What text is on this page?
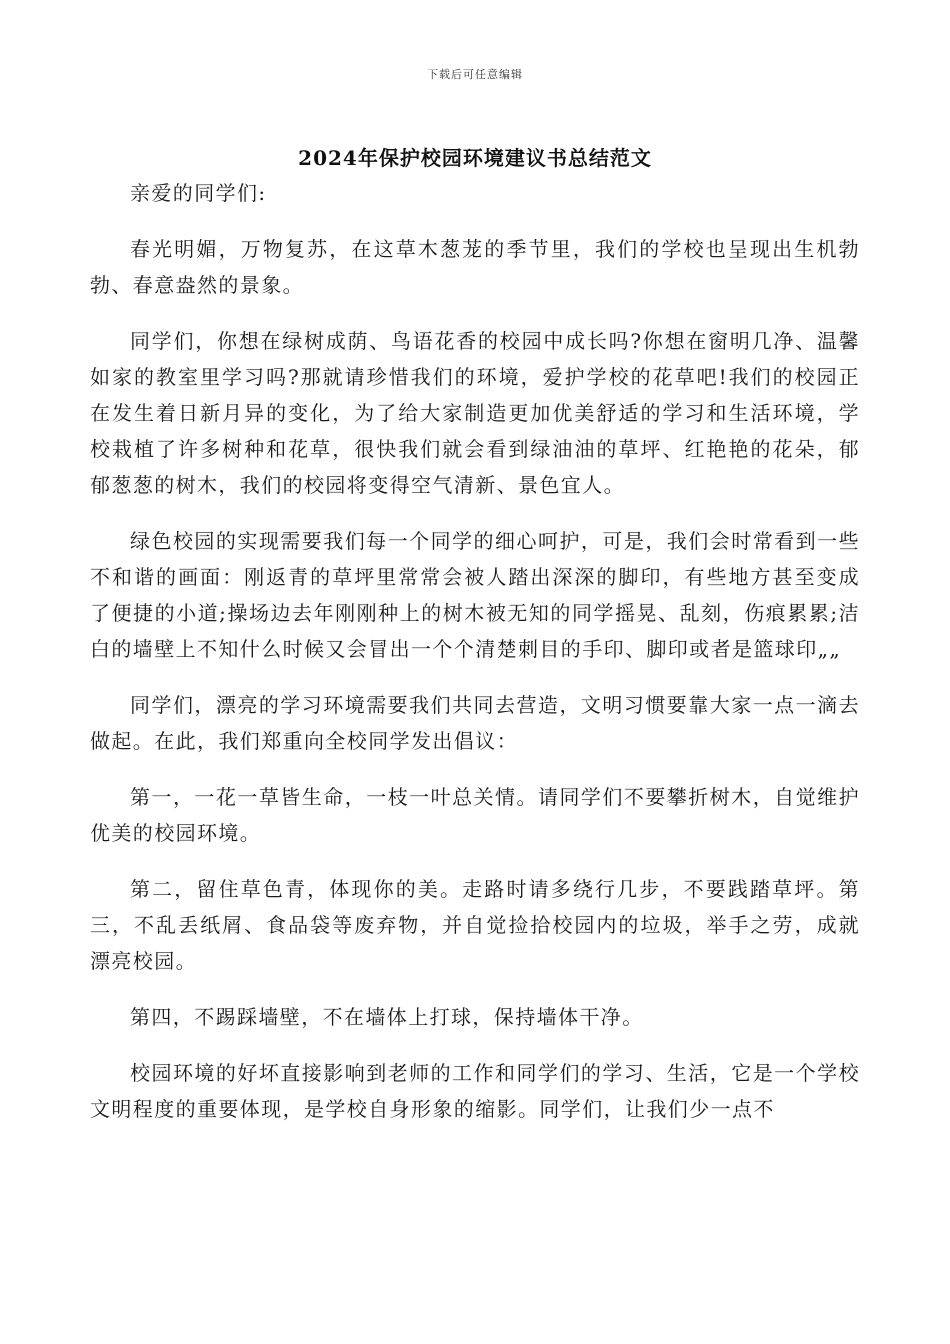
下载后可任意编辑
2024年保护校园环境建议书总结范文

亲爱的同学们:

春光明媚，万物复苏，在这草木葱茏的季节里，我们的学校也呈现出生机勃勃、春意盎然的景象。

同学们，你想在绿树成荫、鸟语花香的校园中成长吗?你想在窗明几净、温馨如家的教室里学习吗?那就请珍惜我们的环境，爱护学校的花草吧!我们的校园正在发生着日新月异的变化，为了给大家制造更加优美舒适的学习和生活环境，学校栽植了许多树种和花草，很快我们就会看到绿油油的草坪、红艳艳的花朵，郁郁葱葱的树木，我们的校园将变得空气清新、景色宜人。

绿色校园的实现需要我们每一个同学的细心呵护，可是，我们会时常看到一些不和谐的画面：刚返青的草坪里常常会被人踏出深深的脚印，有些地方甚至变成了便捷的小道;操场边去年刚刚种上的树木被无知的同学摇晃、乱刻，伤痕累累;洁白的墙壁上不知什么时候又会冒出一个个清楚刺目的手印、脚印或者是篮球印„„

同学们，漂亮的学习环境需要我们共同去营造，文明习惯要靠大家一点一滴去做起。在此，我们郑重向全校同学发出倡议：

第一，一花一草皆生命，一枝一叶总关情。请同学们不要攀折树木，自觉维护优美的校园环境。

第二，留住草色青，体现你的美。走路时请多绕行几步，不要践踏草坪。第三，不乱丢纸屑、食品袋等废弃物，并自觉捡拾校园内的垃圾，举手之劳，成就漂亮校园。

第四，不踢踩墙壁，不在墙体上打球，保持墙体干净。

校园环境的好坏直接影响到老师的工作和同学们的学习、生活，它是一个学校文明程度的重要体现，是学校自身形象的缩影。同学们，让我们少一点不
